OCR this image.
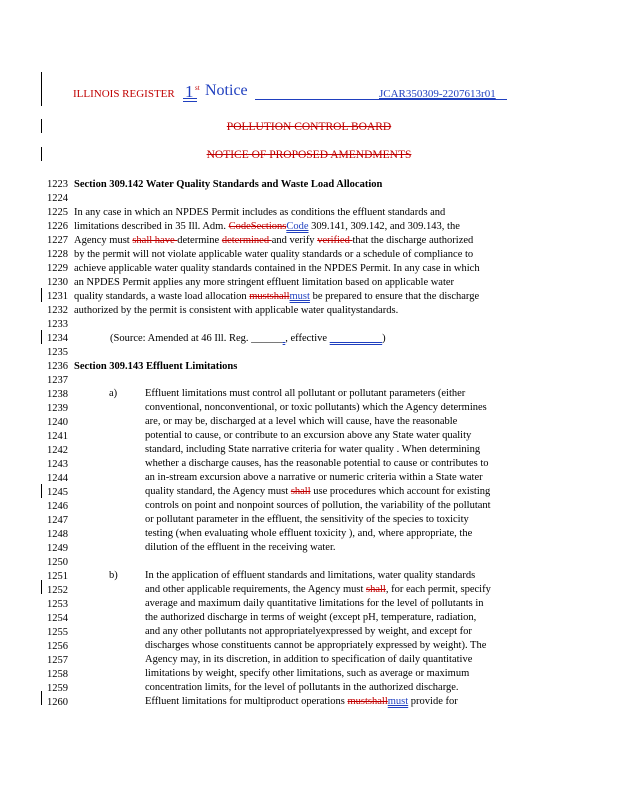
ILLINOIS REGISTER 1 st Notice	JCAR350309-2207613r01
POLLUTION CONTROL BOARD
NOTICE OF PROPOSED AMENDMENTS
1223 Section 309.142 Water Quality Standards and Waste Load Allocation
1224
1225 In any case in which an NPDES Permit includes as conditions the effluent standards and
1226 limitations described in 35 Ill. Adm. CodeSectionsCode 309.141, 309.142, and 309.143, the
1227 Agency must shall have determine determined and verify verified that the discharge authorized
1228 by the permit will not violate applicable water quality standards or a schedule of compliance to
1229 achieve applicable water quality standards contained in the NPDES Permit. In any case in which
1230 an NPDES Permit applies any more stringent effluent limitation based on applicable water
1231 quality standards, a waste load allocation mustshallmust be prepared to ensure that the discharge
1232 authorized by the permit is consistent with applicable water qualitystandards.
1233
1234	(Source: Amended at 46 Ill. Reg. ______ , effective	)
1235
1236 Section 309.143 Effluent Limitations
1237
1238	a)	Effluent limitations must control all pollutant or pollutant parameters (either
1239	conventional, nonconventional, or toxic pollutants) which the Agency determines
1240	are, or may be, discharged at a level which will cause, have the reasonable
1241	potential to cause, or contribute to an excursion above any State water quality
1242	standard, including State narrative criteria for water quality . When determining
1243	whether a discharge causes, has the reasonable potential to cause or contributes to
1244	an in-stream excursion above a narrative or numeric criteria within a State water
1245	quality standard, the Agency must shall use procedures which account for existing
1246	controls on point and nonpoint sources of pollution, the variability of the pollutant
1247	or pollutant parameter in the effluent, the sensitivity of the species to toxicity
1248	testing (when evaluating whole effluent toxicity ), and, where appropriate, the
1249	dilution of the effluent in the receiving water.
1250
1251	b)	In the application of effluent standards and limitations, water quality standards
1252	and other applicable requirements, the Agency must shall, for each permit, specify
1253	average and maximum daily quantitative limitations for the level of pollutants in
1254	the authorized discharge in terms of weight (except pH, temperature, radiation,
1255	and any other pollutants not appropriatelyexpressed by weight, and except for
1256	discharges whose constituents cannot be appropriately expressed by weight). The
1257	Agency may, in its discretion, in addition to specification of daily quantitative
1258	limitations by weight, specify other limitations, such as average or maximum
1259	concentration limits, for the level of pollutants in the authorized discharge.
1260	Effluent limitations for multiproduct operations mustshallmust provide for
